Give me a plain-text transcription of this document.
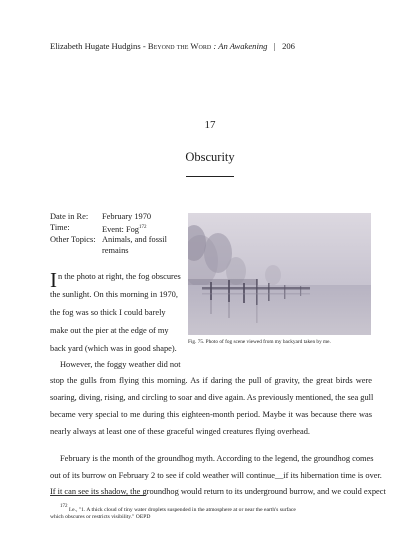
Elizabeth Hugate Hudgins - Beyond the Word : An Awakening   |   206
17
Obscurity
Date in Re:	February 1970
Time:	Event: Fog$^{172}$
Other Topics: Animals, and fossil
remains
Fig. 75. Photo of fog scene viewed from my backyard taken by me.
I n the photo at right, the fog obscures
the sunlight. On this morning in 1970,
the fog was so thick I could barely
make out the pier at the edge of my
back yard (which was in good shape).
However, the foggy weather did not
stop the gulls from flying this morning. As if daring the pull of gravity, the great birds were
soaring, diving, rising, and circling to soar and dive again. As previously mentioned, the sea gull
became very special to me during this eighteen-month period. Maybe it was because there was
nearly always at least one of these graceful winged creatures flying overhead.
February is the month of the groundhog myth. According to the legend, the groundhog comes
out of its burrow on February 2 to see if cold weather will continue__if its hibernation time is over.
If it can see its shadow, the groundhog would return to its underground burrow, and we could expect
$^{172}$ I.e., "1. A thick cloud of tiny water droplets suspended in the atmosphere at or near the earth's surface
which obscures or restricts visibility." OEPD
